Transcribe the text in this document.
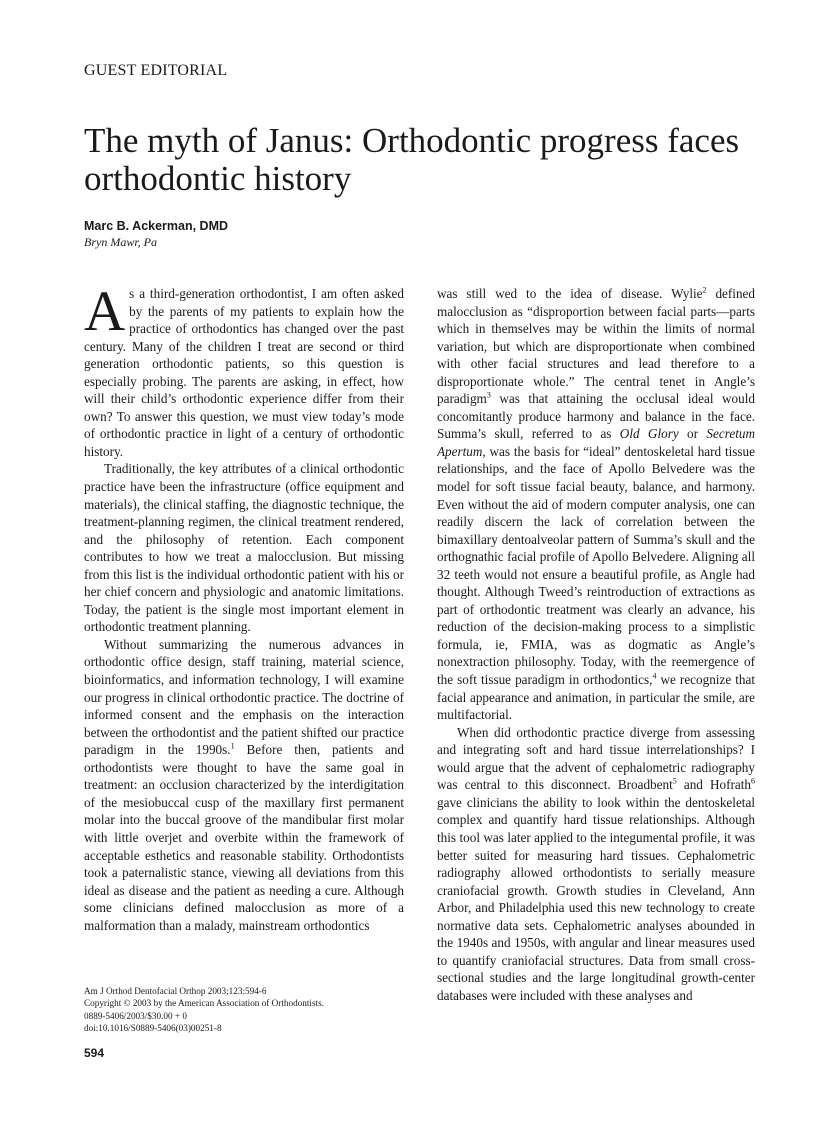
GUEST EDITORIAL
The myth of Janus: Orthodontic progress faces orthodontic history
Marc B. Ackerman, DMD
Bryn Mawr, Pa

As a third-generation orthodontist, I am often asked by the parents of my patients to explain how the practice of orthodontics has changed over the past century. Many of the children I treat are second or third generation orthodontic patients, so this question is especially probing. The parents are asking, in effect, how will their child’s orthodontic experience differ from their own? To answer this question, we must view today’s mode of orthodontic practice in light of a century of orthodontic history.

Traditionally, the key attributes of a clinical orthodontic practice have been the infrastructure (office equipment and materials), the clinical staffing, the diagnostic technique, the treatment-planning regimen, the clinical treatment rendered, and the philosophy of retention. Each component contributes to how we treat a malocclusion. But missing from this list is the individual orthodontic patient with his or her chief concern and physiologic and anatomic limitations. Today, the patient is the single most important element in orthodontic treatment planning.

Without summarizing the numerous advances in orthodontic office design, staff training, material science, bioinformatics, and information technology, I will examine our progress in clinical orthodontic practice. The doctrine of informed consent and the emphasis on the interaction between the orthodontist and the patient shifted our practice paradigm in the 1990s.$^1$ Before then, patients and orthodontists were thought to have the same goal in treatment: an occlusion characterized by the interdigitation of the mesiobuccal cusp of the maxillary first permanent molar into the buccal groove of the mandibular first molar with little overjet and overbite within the framework of acceptable esthetics and reasonable stability. Orthodontists took a paternalistic stance, viewing all deviations from this ideal as disease and the patient as needing a cure. Although some clinicians defined malocclusion as more of a malformation than a malady, mainstream orthodontics

was still wed to the idea of disease. Wylie$^2$ defined malocclusion as “disproportion between facial parts—parts which in themselves may be within the limits of normal variation, but which are disproportionate when combined with other facial structures and lead therefore to a disproportionate whole.” The central tenet in Angle’s paradigm$^3$ was that attaining the occlusal ideal would concomitantly produce harmony and balance in the face. Summa’s skull, referred to as Old Glory or Secretum Apertum, was the basis for “ideal” dentoskeletal hard tissue relationships, and the face of Apollo Belvedere was the model for soft tissue facial beauty, balance, and harmony. Even without the aid of modern computer analysis, one can readily discern the lack of correlation between the bimaxillary dentoalveolar pattern of Summa’s skull and the orthognathic facial profile of Apollo Belvedere. Aligning all 32 teeth would not ensure a beautiful profile, as Angle had thought. Although Tweed’s reintroduction of extractions as part of orthodontic treatment was clearly an advance, his reduction of the decision-making process to a simplistic formula, ie, FMIA, was as dogmatic as Angle’s nonextraction philosophy. Today, with the reemergence of the soft tissue paradigm in orthodontics,$^4$ we recognize that facial appearance and animation, in particular the smile, are multifactorial.

When did orthodontic practice diverge from assessing and integrating soft and hard tissue interrelationships? I would argue that the advent of cephalometric radiography was central to this disconnect. Broadbent$^5$ and Hofrath$^6$ gave clinicians the ability to look within the dentoskeletal complex and quantify hard tissue relationships. Although this tool was later applied to the integumental profile, it was better suited for measuring hard tissues. Cephalometric radiography allowed orthodontists to serially measure craniofacial growth. Growth studies in Cleveland, Ann Arbor, and Philadelphia used this new technology to create normative data sets. Cephalometric analyses abounded in the 1940s and 1950s, with angular and linear measures used to quantify craniofacial structures. Data from small cross-sectional studies and the large longitudinal growth-center databases were included with these analyses and

Am J Orthod Dentofacial Orthop 2003;123:594-6
Copyright © 2003 by the American Association of Orthodontists.
0889-5406/2003/$30.00 + 0
doi:10.1016/S0889-5406(03)00251-8
594
